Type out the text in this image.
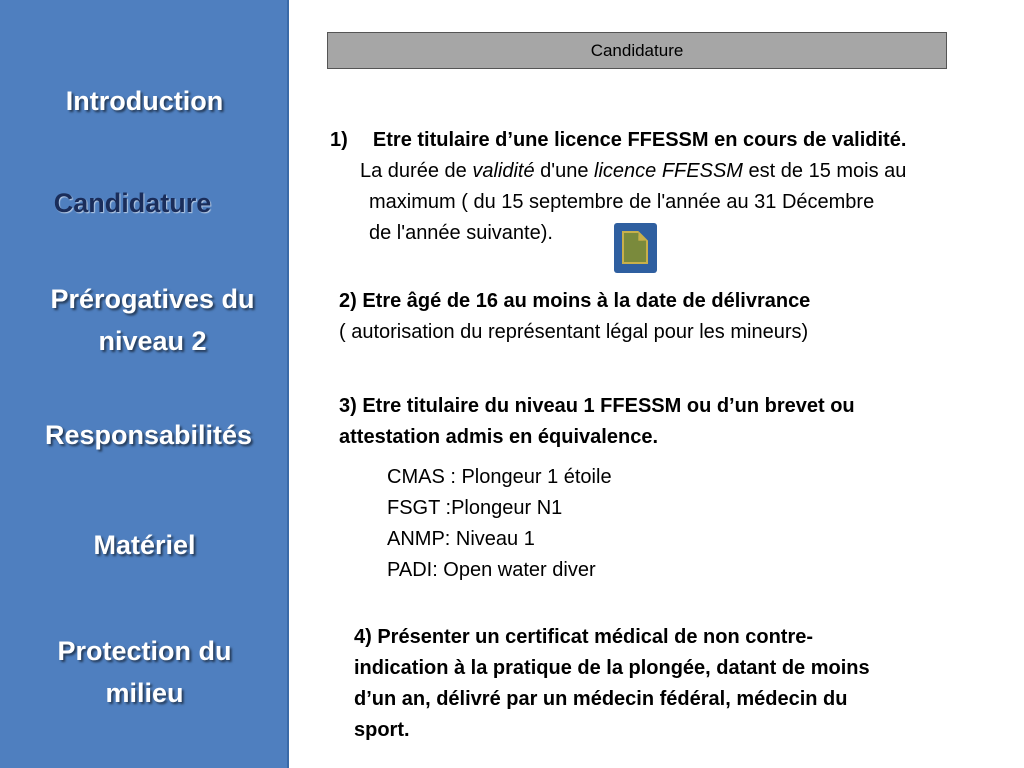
Introduction
Candidature
Prérogatives du
niveau 2
Responsabilités
Matériel
Protection du
milieu
Candidature
1) Etre titulaire d’une licence FFESSM en cours de validité.
La durée de validité d'une licence FFESSM est de 15 mois au
maximum ( du 15 septembre de l'année au 31 Décembre
de l'année suivante).
2) Etre âgé de 16 au moins à la date de délivrance
( autorisation du représentant légal pour les mineurs)
3) Etre titulaire du niveau 1 FFESSM ou d’un brevet ou
attestation admis en équivalence.
CMAS : Plongeur 1 étoile
FSGT :Plongeur N1
ANMP: Niveau 1
PADI: Open water diver
4) Présenter un certificat médical de non contre-
indication à la pratique de la plongée, datant de moins
d’un an, délivré par un médecin fédéral, médecin du
sport.
